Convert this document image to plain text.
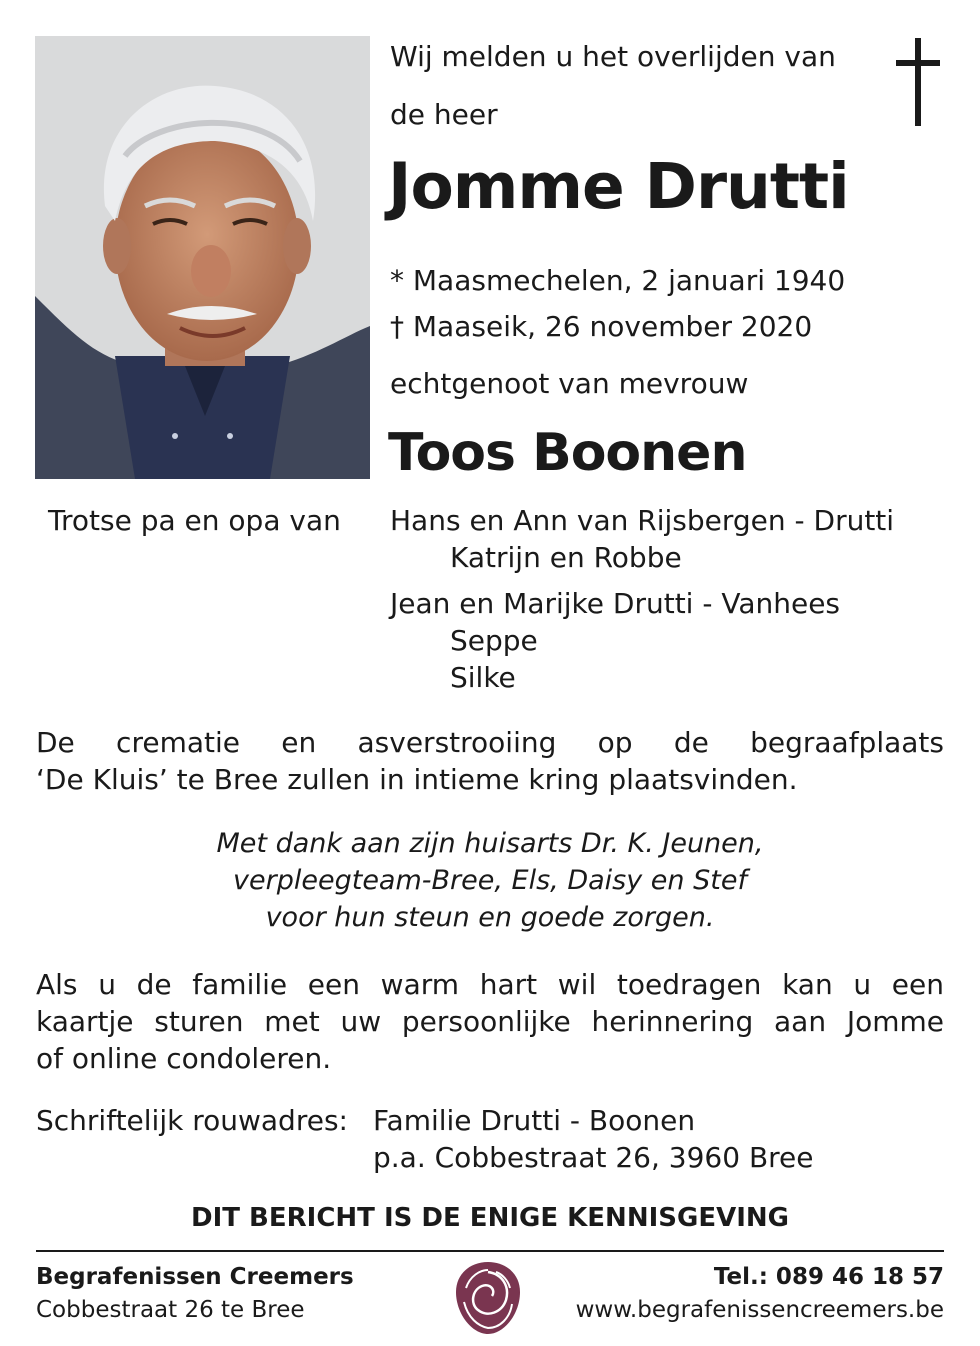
Wij melden u het overlijden van
de heer
Jomme Drutti
* Maasmechelen, 2 januari 1940
† Maaseik, 26 november 2020
echtgenoot van mevrouw
Toos Boonen
Trotse pa en opa van Hans en Ann van Rijsbergen - Drutti
Katrijn en Robbe
Jean en Marijke Drutti - Vanhees
Seppe
Silke
De crematie en asverstrooiing op de begraafplaats
‘De Kluis’ te Bree zullen in intieme kring plaatsvinden.
Met dank aan zijn huisarts Dr. K. Jeunen,
verpleegteam-Bree, Els, Daisy en Stef
voor hun steun en goede zorgen.
Als u de familie een warm hart wil toedragen kan u een
kaartje sturen met uw persoonlijke herinnering aan Jomme
of online condoleren.
Schriftelijk rouwadres: Familie Drutti - Boonen
p.a. Cobbestraat 26, 3960 Bree
DIT BERICHT IS DE ENIGE KENNISGEVING
Begrafenissen Creemers
Cobbestraat 26 te Bree
Tel.: 089 46 18 57
www.begrafenissencreemers.be
